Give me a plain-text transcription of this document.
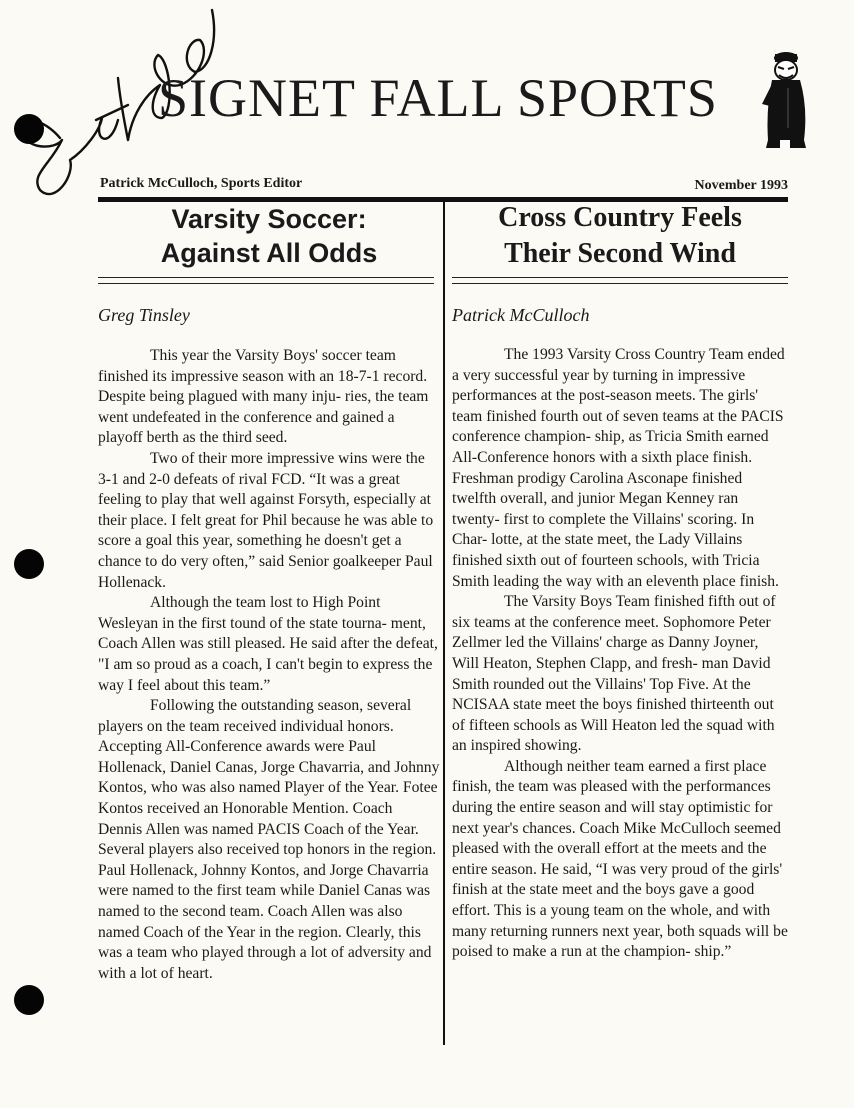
SIGNET FALL SPORTS
Patrick McCulloch, Sports Editor	November 1993
Varsity Soccer:
Against All Odds
Greg Tinsley

This year the Varsity Boys' soccer team finished its impressive season with an 18-7-1 record. Despite being plagued with many inju- ries, the team went undefeated in the conference and gained a playoff berth as the third seed.

Two of their more impressive wins were the 3-1 and 2-0 defeats of rival FCD. “It was a great feeling to play that well against Forsyth, especially at their place. I felt great for Phil because he was able to score a goal this year, something he doesn't get a chance to do very often,” said Senior goalkeeper Paul Hollenack.

Although the team lost to High Point Wesleyan in the first tound of the state tourna- ment, Coach Allen was still pleased. He said after the defeat, "I am so proud as a coach, I can't begin to express the way I feel about this team.”

Following the outstanding season, several players on the team received individual honors. Accepting All-Conference awards were Paul Hollenack, Daniel Canas, Jorge Chavarria, and Johnny Kontos, who was also named Player of the Year. Fotee Kontos received an Honorable Mention. Coach Dennis Allen was named PACIS Coach of the Year. Several players also received top honors in the region. Paul Hollenack, Johnny Kontos, and Jorge Chavarria were named to the first team while Daniel Canas was named to the second team. Coach Allen was also named Coach of the Year in the region. Clearly, this was a team who played through a lot of adversity and with a lot of heart.

Cross Country Feels
Their Second Wind
Patrick McCulloch

The 1993 Varsity Cross Country Team ended a very successful year by turning in impressive performances at the post-season meets. The girls' team finished fourth out of seven teams at the PACIS conference champion- ship, as Tricia Smith earned All-Conference honors with a sixth place finish. Freshman prodigy Carolina Asconape finished twelfth overall, and junior Megan Kenney ran twenty- first to complete the Villains' scoring. In Char- lotte, at the state meet, the Lady Villains finished sixth out of fourteen schools, with Tricia Smith leading the way with an eleventh place finish.

The Varsity Boys Team finished fifth out of six teams at the conference meet. Sophomore Peter Zellmer led the Villains' charge as Danny Joyner, Will Heaton, Stephen Clapp, and fresh- man David Smith rounded out the Villains' Top Five. At the NCISAA state meet the boys finished thirteenth out of fifteen schools as Will Heaton led the squad with an inspired showing.

Although neither team earned a first place finish, the team was pleased with the performances during the entire season and will stay optimistic for next year's chances. Coach Mike McCulloch seemed pleased with the overall effort at the meets and the entire season. He said, “I was very proud of the girls' finish at the state meet and the boys gave a good effort. This is a young team on the whole, and with many returning runners next year, both squads will be poised to make a run at the champion- ship.”
